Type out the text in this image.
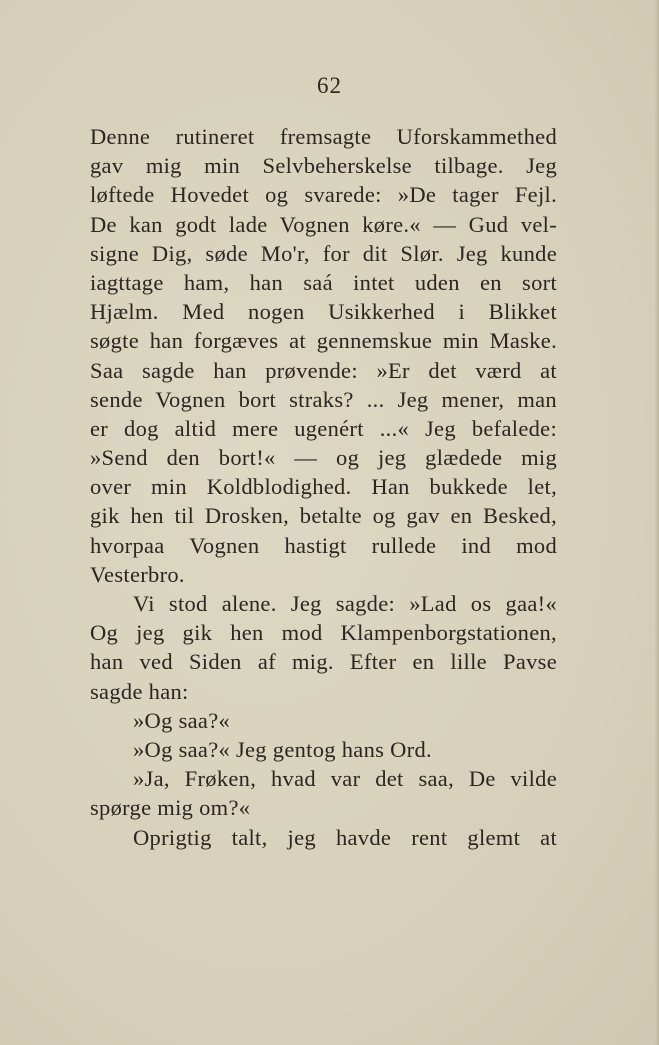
62
Denne rutineret fremsagte Uforskammethed
gav mig min Selvbeherskelse tilbage. Jeg
løftede Hovedet og svarede: »De tager Fejl.
De kan godt lade Vognen køre.« — Gud vel-
signe Dig, søde Mo'r, for dit Slør. Jeg kunde
iagttage ham, han saá intet uden en sort
Hjælm. Med nogen Usikkerhed i Blikket
søgte han forgæves at gennemskue min Maske.
Saa sagde han prøvende: »Er det værd at
sende Vognen bort straks? ... Jeg mener, man
er dog altid mere ugenért ...« Jeg befalede:
»Send den bort!« — og jeg glædede mig
over min Koldblodighed. Han bukkede let,
gik hen til Drosken, betalte og gav en Besked,
hvorpaa Vognen hastigt rullede ind mod
Vesterbro.
Vi stod alene. Jeg sagde: »Lad os gaa!«
Og jeg gik hen mod Klampenborgstationen,
han ved Siden af mig. Efter en lille Pavse
sagde han:
»Og saa?«
»Og saa?« Jeg gentog hans Ord.
»Ja, Frøken, hvad var det saa, De vilde
spørge mig om?«
Oprigtig talt, jeg havde rent glemt at
